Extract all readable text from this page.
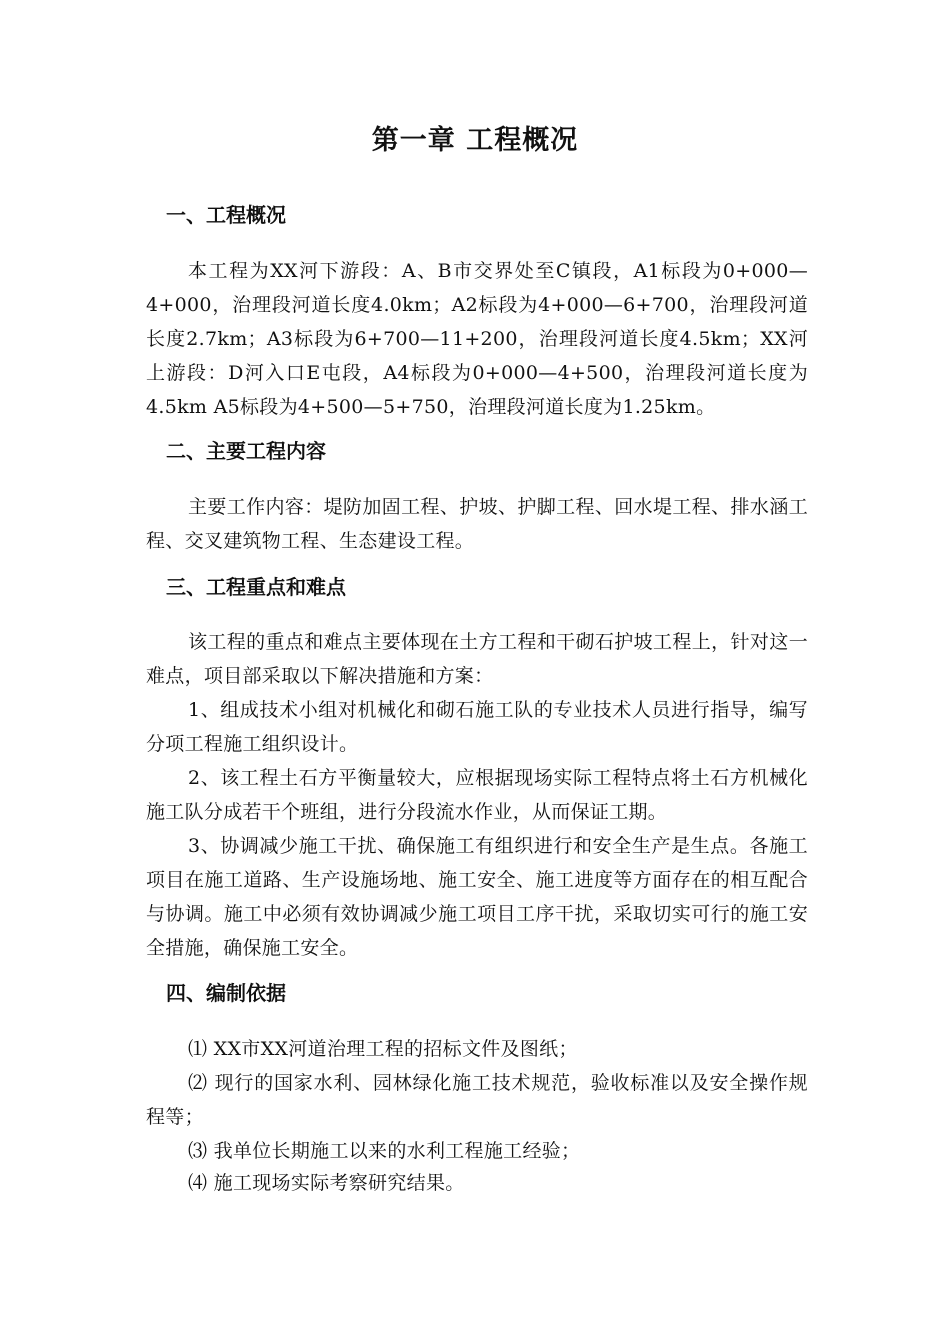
第一章 工程概况
一、工程概况

本工程为XX河下游段：A、B市交界处至C镇段，A1标段为0+000—4+000，治理段河道长度4.0km；A2标段为4+000—6+700，治理段河道长度2.7km；A3标段为6+700—11+200，治理段河道长度4.5km；XX河上游段：D河入口E屯段，A4标段为0+000—4+500，治理段河道长度为4.5km A5标段为4+500—5+750，治理段河道长度为1.25km。

二、主要工程内容

主要工作内容：堤防加固工程、护坡、护脚工程、回水堤工程、排水涵工程、交叉建筑物工程、生态建设工程。

三、工程重点和难点

该工程的重点和难点主要体现在土方工程和干砌石护坡工程上，针对这一难点，项目部采取以下解决措施和方案：

1、组成技术小组对机械化和砌石施工队的专业技术人员进行指导，编写分项工程施工组织设计。

2、该工程土石方平衡量较大，应根据现场实际工程特点将土石方机械化施工队分成若干个班组，进行分段流水作业，从而保证工期。

3、协调减少施工干扰、确保施工有组织进行和安全生产是生点。各施工项目在施工道路、生产设施场地、施工安全、施工进度等方面存在的相互配合与协调。施工中必须有效协调减少施工项目工序干扰，采取切实可行的施工安全措施，确保施工安全。

四、编制依据

⑴ XX市XX河道治理工程的招标文件及图纸；

⑵ 现行的国家水利、园林绿化施工技术规范，验收标准以及安全操作规程等；

⑶ 我单位长期施工以来的水利工程施工经验；

⑷ 施工现场实际考察研究结果。
